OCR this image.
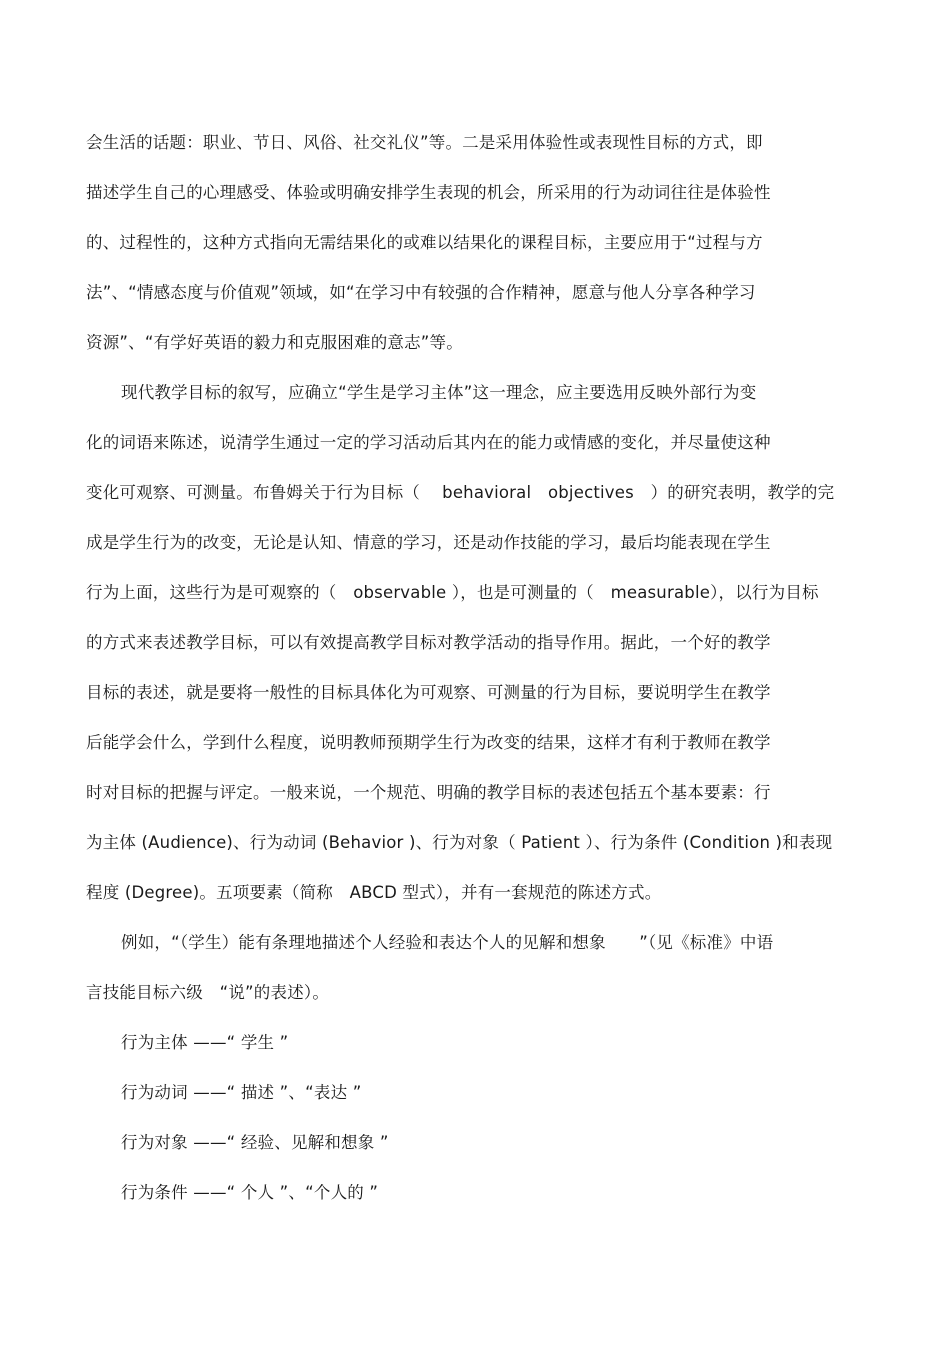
会生活的话题：职业、节日、风俗、社交礼仪”等。二是采用体验性或表现性目标的方式，即
描述学生自己的心理感受、体验或明确安排学生表现的机会，所采用的行为动词往往是体验性
的、过程性的，这种方式指向无需结果化的或难以结果化的课程目标，主要应用于“过程与方
法”、“情感态度与价值观”领域，如“在学习中有较强的合作精神，愿意与他人分享各种学习
资源”、“有学好英语的毅力和克服困难的意志”等。
现代教学目标的叙写，应确立“学生是学习主体”这一理念，应主要选用反映外部行为变
化的词语来陈述，说清学生通过一定的学习活动后其内在的能力或情感的变化，并尽量使这种
变化可观察、可测量。布鲁姆关于行为目标（　 behavioral　objectives　）的研究表明，教学的完
成是学生行为的改变，无论是认知、情意的学习，还是动作技能的学习，最后均能表现在学生
行为上面，这些行为是可观察的（　observable ），也是可测量的（　measurable），以行为目标
的方式来表述教学目标，可以有效提高教学目标对教学活动的指导作用。据此，一个好的教学
目标的表述，就是要将一般性的目标具体化为可观察、可测量的行为目标，要说明学生在教学
后能学会什么，学到什么程度，说明教师预期学生行为改变的结果，这样才有利于教师在教学
时对目标的把握与评定。一般来说，一个规范、明确的教学目标的表述包括五个基本要素：行
为主体 (Audience)、行为动词 (Behavior )、行为对象（ Patient ）、行为条件 (Condition )和表现
程度 (Degree)。五项要素（简称　ABCD 型式），并有一套规范的陈述方式。
例如，“（学生）能有条理地描述个人经验和表达个人的见解和想象　　”（见《标准》中语
言技能目标六级　“说”的表述）。
行为主体 ——“ 学生 ”
行为动词 ——“ 描述 ”、“表达 ”
行为对象 ——“ 经验、见解和想象 ”
行为条件 ——“ 个人 ”、“个人的 ”
